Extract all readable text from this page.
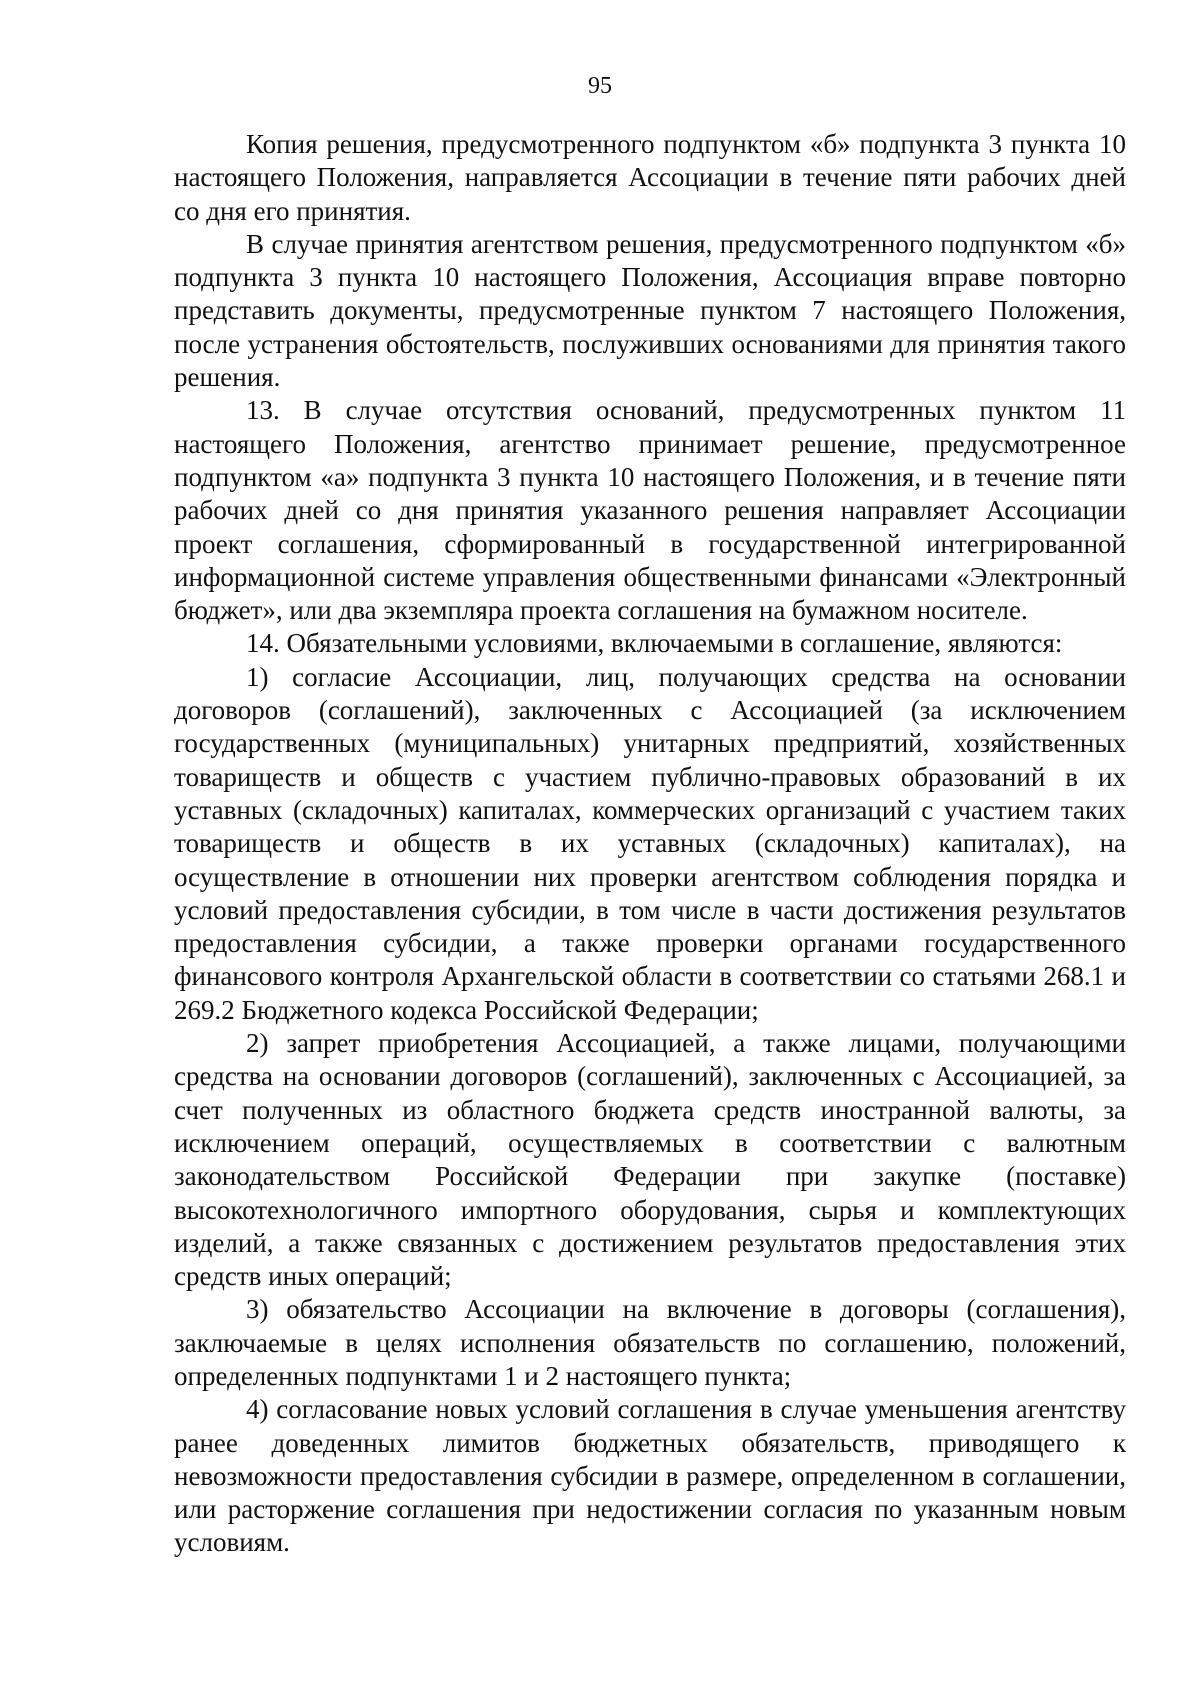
95

Копия решения, предусмотренного подпунктом «б» подпункта 3 пункта 10 настоящего Положения, направляется Ассоциации в течение пяти рабочих дней со дня его принятия.

В случае принятия агентством решения, предусмотренного подпунктом «б» подпункта 3 пункта 10 настоящего Положения, Ассоциация вправе повторно представить документы, предусмотренные пунктом 7 настоящего Положения, после устранения обстоятельств, послуживших основаниями для принятия такого решения.

13. В случае отсутствия оснований, предусмотренных пунктом 11 настоящего Положения, агентство принимает решение, предусмотренное подпунктом «а» подпункта 3 пункта 10 настоящего Положения, и в течение пяти рабочих дней со дня принятия указанного решения направляет Ассоциации проект соглашения, сформированный в государственной интегрированной информационной системе управления общественными финансами «Электронный бюджет», или два экземпляра проекта соглашения на бумажном носителе.

14. Обязательными условиями, включаемыми в соглашение, являются:

1) согласие Ассоциации, лиц, получающих средства на основании договоров (соглашений), заключенных с Ассоциацией (за исключением государственных (муниципальных) унитарных предприятий, хозяйственных товариществ и обществ с участием публично-правовых образований в их уставных (складочных) капиталах, коммерческих организаций с участием таких товариществ и обществ в их уставных (складочных) капиталах), на осуществление в отношении них проверки агентством соблюдения порядка и условий предоставления субсидии, в том числе в части достижения результатов предоставления субсидии, а также проверки органами государственного финансового контроля Архангельской области в соответствии со статьями 268.1 и 269.2 Бюджетного кодекса Российской Федерации;

2) запрет приобретения Ассоциацией, а также лицами, получающими средства на основании договоров (соглашений), заключенных с Ассоциацией, за счет полученных из областного бюджета средств иностранной валюты, за исключением операций, осуществляемых в соответствии с валютным законодательством Российской Федерации при закупке (поставке) высокотехнологичного импортного оборудования, сырья и комплектующих изделий, а также связанных с достижением результатов предоставления этих средств иных операций;

3) обязательство Ассоциации на включение в договоры (соглашения), заключаемые в целях исполнения обязательств по соглашению, положений, определенных подпунктами 1 и 2 настоящего пункта;

4) согласование новых условий соглашения в случае уменьшения агентству ранее доведенных лимитов бюджетных обязательств, приводящего к невозможности предоставления субсидии в размере, определенном в соглашении, или расторжение соглашения при недостижении согласия по указанным новым условиям.
